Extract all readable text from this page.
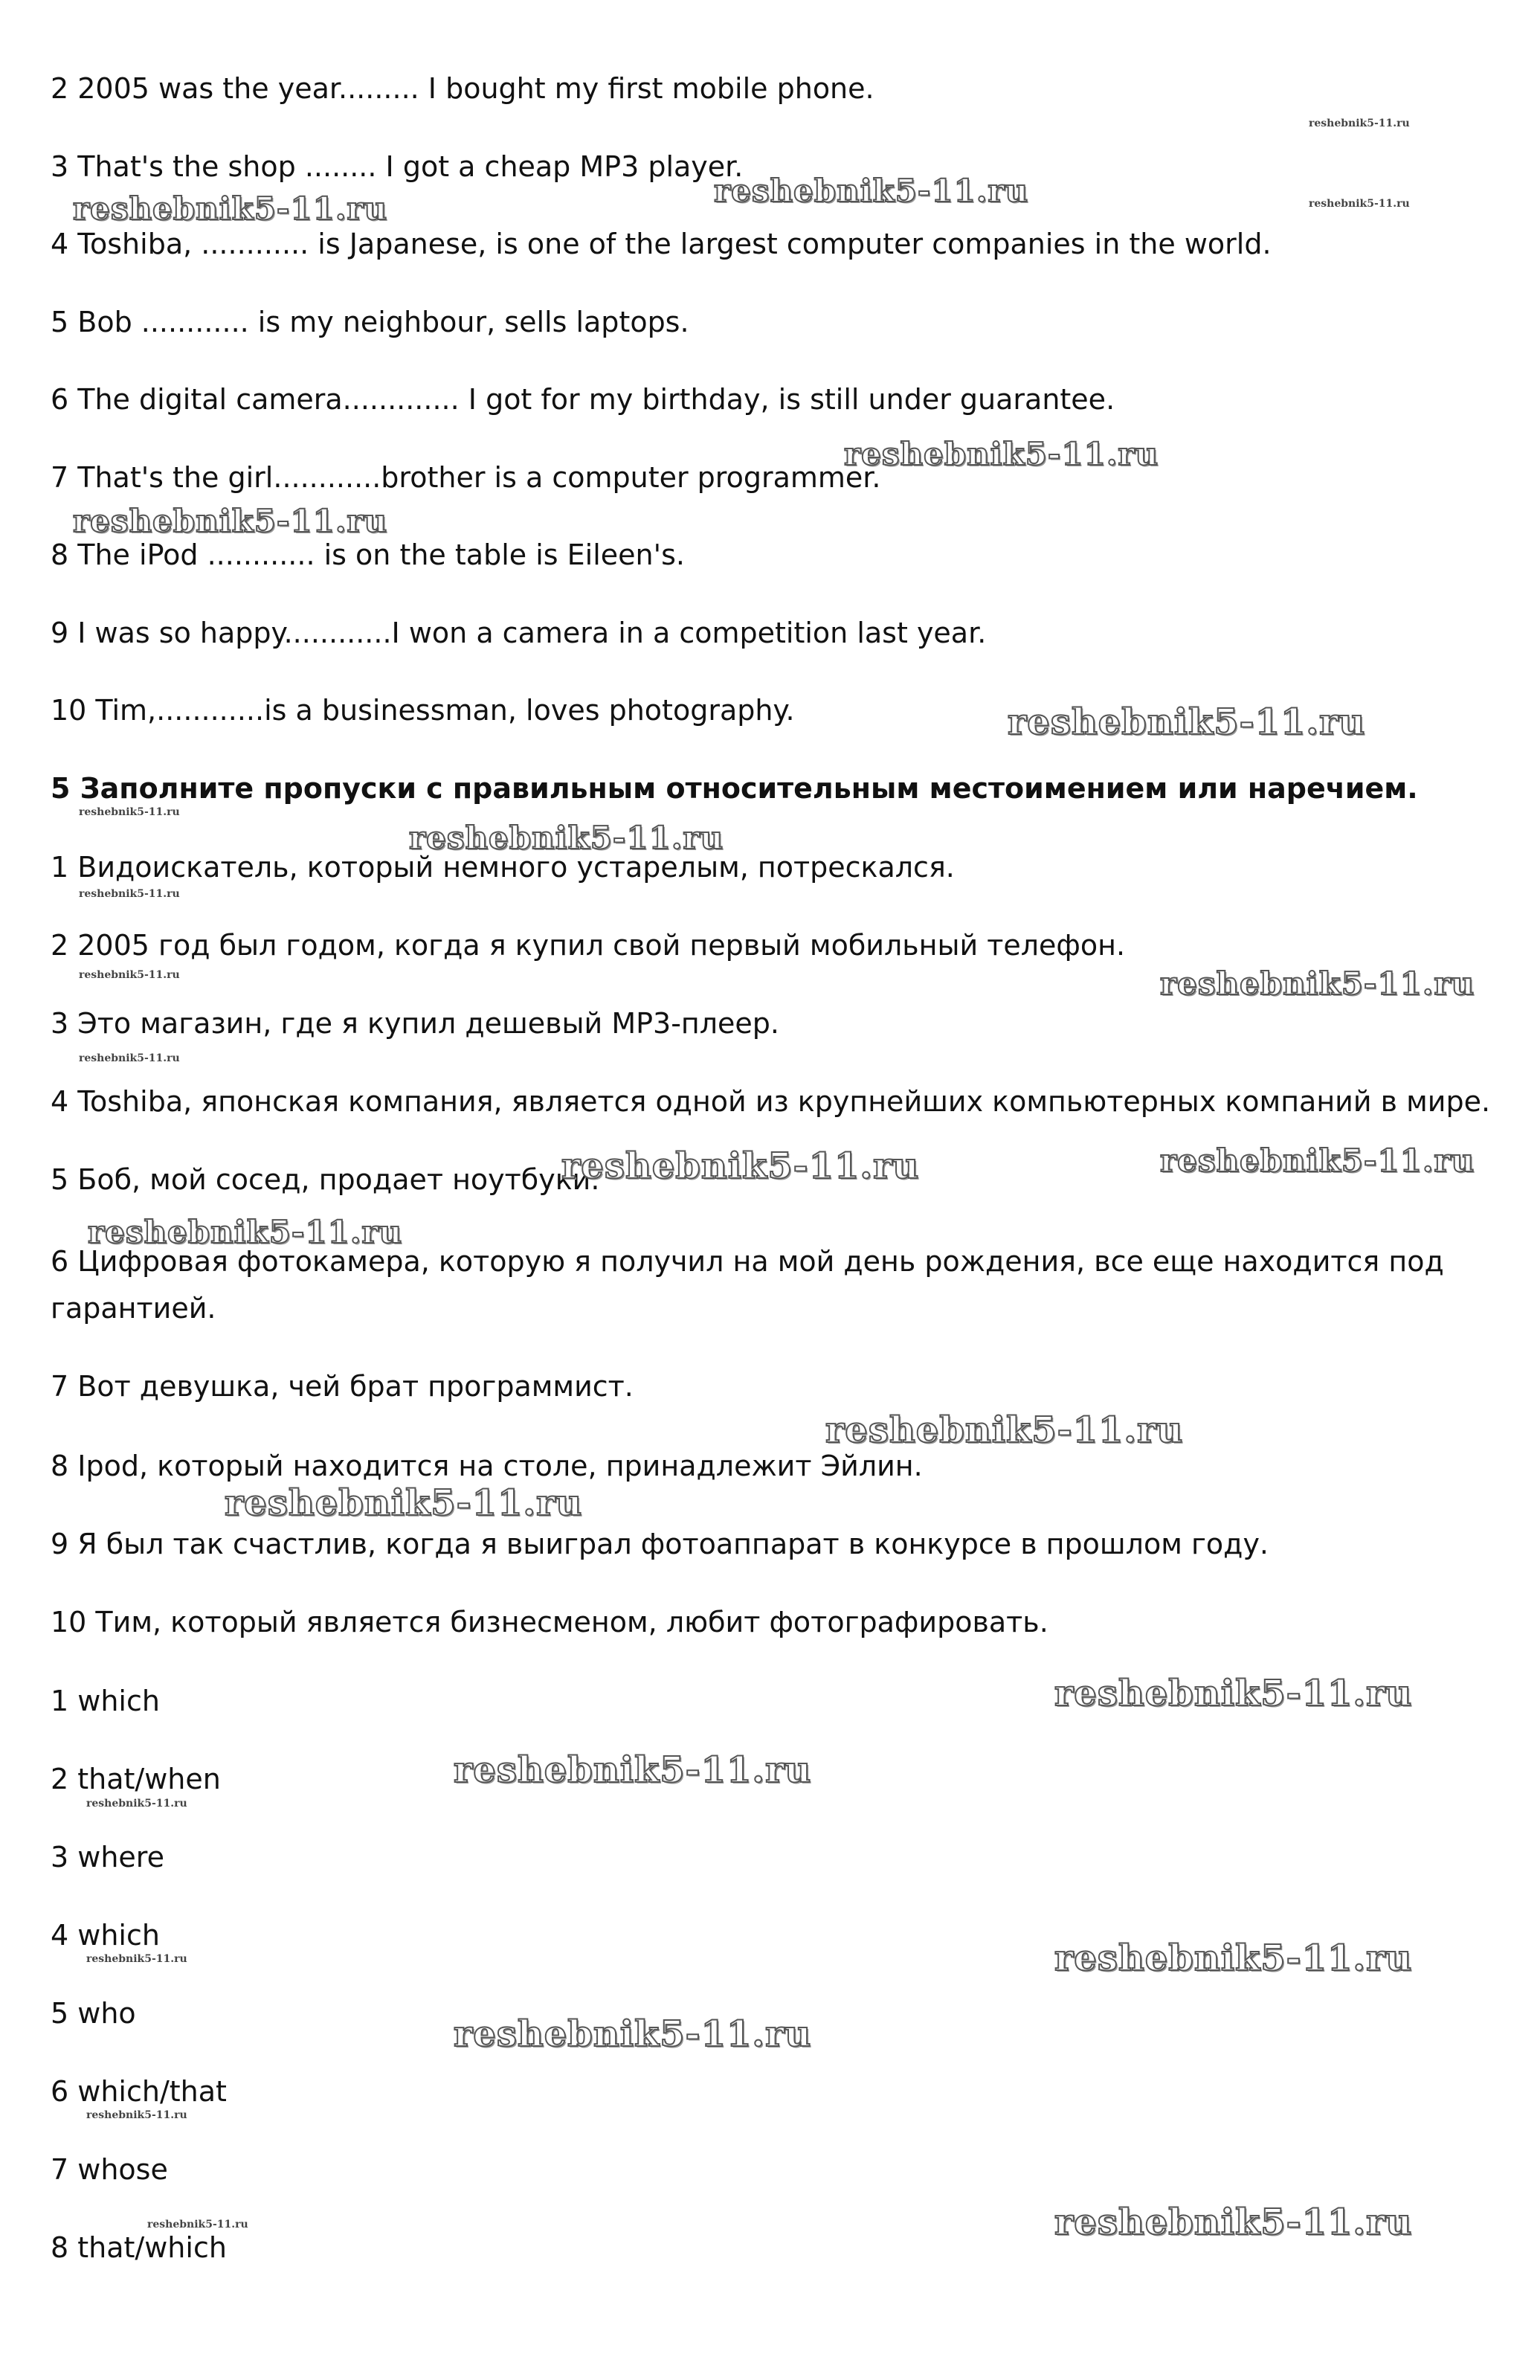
2 2005 was the year......... I bought my first mobile phone.

3 That's the shop ........ I got a cheap MP3 player.

4 Toshiba, ............ is Japanese, is one of the largest computer companies in the world.

5 Bob ............ is my neighbour, sells laptops.

6 The digital camera............. I got for my birthday, is still under guarantee.

7 That's the girl............brother is a computer programmer.

8 The iPod ............ is on the table is Eileen's.

9 I was so happy............I won a camera in a competition last year.

10 Tim,............is a businessman, loves photography.

5 Заполните пропуски с правильным относительным местоимением или наречием.

1 Видоискатель, который немного устарелым, потрескался.

2 2005 год был годом, когда я купил свой первый мобильный телефон.

3 Это магазин, где я купил дешевый MP3-плеер.

4 Toshiba, японская компания, является одной из крупнейших компьютерных компаний в мире.

5 Боб, мой сосед, продает ноутбуки.

6 Цифровая фотокамера, которую я получил на мой день рождения, все еще находится под

гарантией.

7 Вот девушка, чей брат программист.

8 Ipod, который находится на столе, принадлежит Эйлин.

9 Я был так счастлив, когда я выиграл фотоаппарат в конкурсе в прошлом году.

10 Тим, который является бизнесменом, любит фотографировать.

1 which

2 that/when

3 where

4 which

5 who

6 which/that

7 whose

8 that/which

reshebnik5-11.ru
reshebnik5-11.ru
reshebnik5-11.ru	reshebnik5-11.ru
reshebnik5-11.ru
reshebnik5-11.ru
reshebnik5-11.ru
reshebnik5-11.ru
reshebnik5-11.ru
reshebnik5-11.ru
reshebnik5-11.ru	reshebnik5-11.ru
reshebnik5-11.ru
reshebnik5-11.ru	reshebnik5-11.ru
reshebnik5-11.ru
reshebnik5-11.ru
reshebnik5-11.ru
reshebnik5-11.ru
reshebnik5-11.ru
reshebnik5-11.ru
reshebnik5-11.ru	reshebnik5-11.ru
reshebnik5-11.ru
reshebnik5-11.ru
reshebnik5-11.ru	reshebnik5-11.ru
